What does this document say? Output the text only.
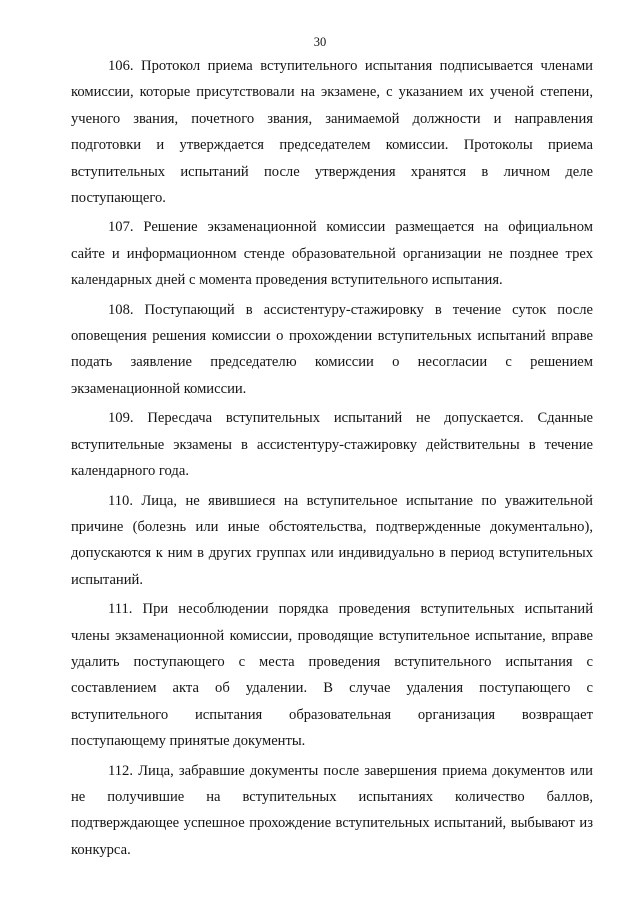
30

106. Протокол приема вступительного испытания подписывается членами комиссии, которые присутствовали на экзамене, с указанием их ученой степени, ученого звания, почетного звания, занимаемой должности и направления подготовки и утверждается председателем комиссии. Протоколы приема вступительных испытаний после утверждения хранятся в личном деле поступающего.

107. Решение экзаменационной комиссии размещается на официальном сайте и информационном стенде образовательной организации не позднее трех календарных дней с момента проведения вступительного испытания.

108. Поступающий в ассистентуру-стажировку в течение суток после оповещения решения комиссии о прохождении вступительных испытаний вправе подать заявление председателю комиссии о несогласии с решением экзаменационной комиссии.

109. Пересдача вступительных испытаний не допускается. Сданные вступительные экзамены в ассистентуру-стажировку действительны в течение календарного года.

110. Лица, не явившиеся на вступительное испытание по уважительной причине (болезнь или иные обстоятельства, подтвержденные документально), допускаются к ним в других группах или индивидуально в период вступительных испытаний.

111. При несоблюдении порядка проведения вступительных испытаний члены экзаменационной комиссии, проводящие вступительное испытание, вправе удалить поступающего с места проведения вступительного испытания с составлением акта об удалении. В случае удаления поступающего с вступительного испытания образовательная организация возвращает поступающему принятые документы.

112. Лица, забравшие документы после завершения приема документов или не получившие на вступительных испытаниях количество баллов, подтверждающее успешное прохождение вступительных испытаний, выбывают из конкурса.
